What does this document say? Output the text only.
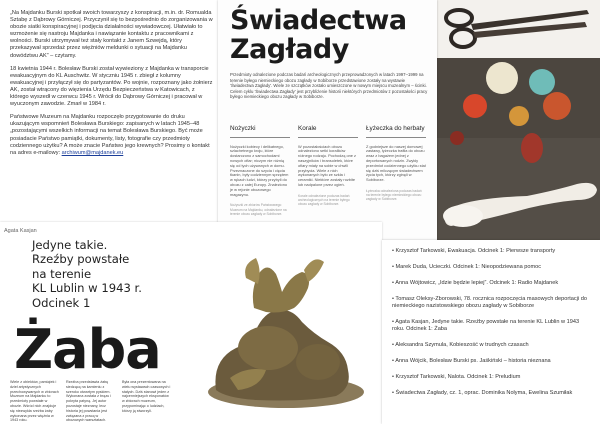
„Na Majdanku Burski spotkał swoich towarzyszy z konspiracji, m.in. dr. Romualda Sztabę z Dąbrowy Górniczej. Przyczynił się to bezpośrednio do zorganizowania w obozie siatki konspiracyjnej i podjęcia działalności wywiadowczej. Ułatwiało to wzmożenie się nastroju Majdanka i nawiązanie kontaktu z pracownikami z wolności. Burski utrzymywał też stały kontakt z Janem Szwejdą, który przekazywał sprzedaż przez więźniów meldunki o sytuacji na Majdanku dowództwu AK” – czytamy.

18 kwietnia 1944 r. Bolesław Burski został wywieziony z Majdanka w transporcie ewakuacyjnym do KL Auschwitz. W styczniu 1945 r. zbiegł z kolumny ewakuacyjnej i przyłączył się do partyzantów. Po wojnie, rozpoznany jako żołnierz AK, został wtrącony do więzienia Urzędu Bezpieczeństwa w Katowicach, z którego wyszedł w czerwcu 1945 r. Wrócił do Dąbrowy Górniczej i pracował w wyuczonym zawodzie. Zmarł w 1984 r.

Państwowe Muzeum na Majdanku rozpoczęło przygotowanie do druku ukazującym wspomnień Bolesława Burskiego: zapisanych w latach 1945–48 „pozostającymi wszelkich informacji na temat Bolesława Burskiego. Być może posiadacie Państwo pamiątki, dokumenty, listy, fotografie czy przedmioty codziennego użytku? A może znacie Państwo jego krewnych? Prosimy o kontakt na adres e-mailowy: archiwum@majdanek.eu

Świadectwa
Zagłady
Przedmioty odnalezione podczas badań archeologicznych przeprowadzonych w latach 1997–1999 na terenie byłego niemieckiego obozu zagłady w Sobiborze przedstawione zostały na wystawie 'Świadectwa Zagłady'. Wiele ze szczątków zostało umieszczone w nowym miejscu muzealnym – ścinki. Celem cyklu 'Świadectwa Zagłady' jest przybliżenie historii niektórych przedmiotów z pozostałości pracy byłego niemieckiego obozu zagłady w Sobiborze.
Nożyczki
Nożyczki kobiecy i delikatnego, szlachetnego kroju, które dostarczono z samochodami nowych ofiar; niczym nie różnią się od tych używanych w domu. Przeznaczone do szycia i cięcia tkanin, były codziennym sprzętem w rękach ludzi, którzy przybyli do obozu z całej Europy. Znaleziono je w rejonie obozowego magazynu.
Nożyczki ze zbiorów Państwowego Muzeum na Majdanku, odnalezione na terenie obozu zagłady w Sobiborze.
Korale
W pozostałościach obozu odnaleziono setki koralików różnego rodzaju. Pochodzą one z naszyjników i bransoletek, które ofiary miały na sobie w chwili przybycia. Wiele z nich wykonanych było ze szkła i ceramiki. Niektóre zostały rozbite lub nadpalone przez ogień.
Korale odnalezione podczas badań archeologicznych na terenie byłego obozu zagłady w Sobiborze.
Łyżeczka do herbaty
Z godniejsze do naszej domowej zastawy, łyżeczka trafiła do obozu wraz z bagażem jednej z deportowanych rodzin. Zwykły przedmiot codziennego użytku stał się dziś milczącym świadectwem życia tych, którzy zginęli w Sobiborze.
Łyżeczka odnaleziona podczas badań na terenie byłego niemieckiego obozu zagłady w Sobiborze.
Agata Kasjan
Jedyne takie.
Rzeźby powstałe
na terenie
KL Lublin w 1943 r.
Odcinek 1
Żaba
Wiele z obiektów, pamiątek i dzieł artystycznych przechowywanych w zbiorach Muzeum na Majdanku to przedmioty powstałe w obozie. Wśród nich znajduje się niezwykła rzeźba żaby wykonana przez więźnia w 1943 roku.
Rzeźba przedstawia żabę siedzącą na kamieniu z szeroko otwartym pyskiem. Wykonana została z brązu i pokryta patyną. Jej autor pozostaje nieznany, lecz historia jej powstania jest związana z pracą w obozowych warsztatach.
Była ona prezentowana na wielu wystawach czasowych i stałych. Dziś stanowi jeden z najcenniejszych eksponatów w zbiorach muzeum, przypominając o ludziach, którzy ją stworzyli.
• Krzysztof Tarkowski, Ewakuacja. Odcinek 1: Pierwsze transporty
• Marek Duda, Ucieczki. Odcinek 1: Nieopodziewana pomoc
• Anna Wójtowicz, „Idzie będzie lepiej”. Odcinek 1: Radio Majdanek
• Tomasz Oleksy-Zborowski, 78. rocznica rozpoczęcia masowych deportacji do niemieckiego nazistowskiego obozu zagłady w Sobiborze
• Agata Kasjan, Jedyne takie. Rzeźby powstałe na terenie KL Lublin w 1943 roku. Odcinek 1: Żaba
• Aleksandra Szymula, Kobieszość w trudnych czasach
• Anna Wójcik, Bolesław Burski ps. Jaśkiński – historia nieznana
• Krzysztof Tarkowski, Nalota. Odcinek 1: Preludium
• Świadectwa Zagłady, cz. 1, oprac. Dominika Nolyma, Ewelina Szumiłak
